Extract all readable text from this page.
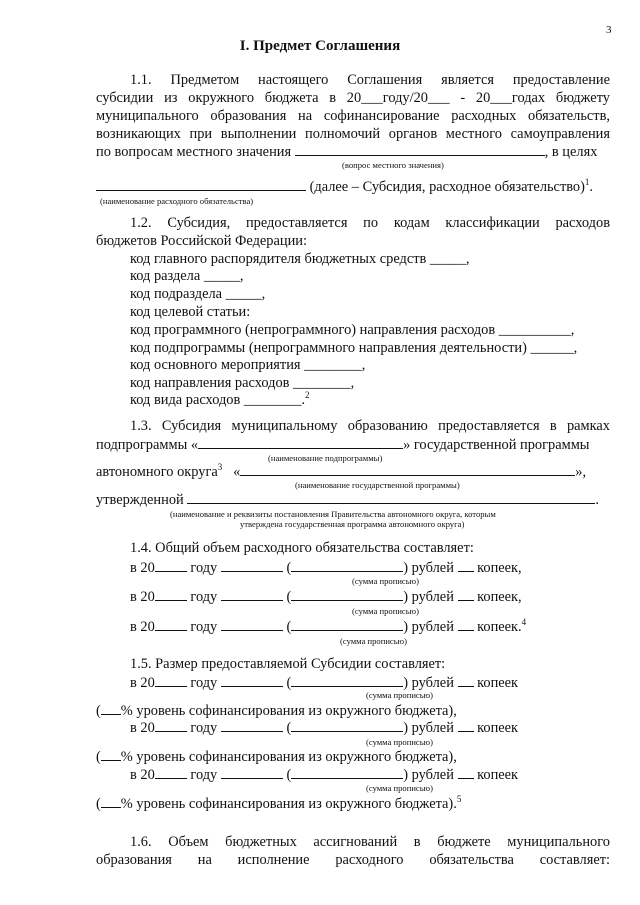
3
I. Предмет Соглашения
1.1. Предметом настоящего Соглашения является предоставление
субсидии из окружного бюджета в 20___году/20___ - 20___годах бюджету
муниципального образования на софинансирование расходных обязательств,
возникающих при выполнении полномочий органов местного самоуправления
по вопросам местного значения	, в целях
(вопрос местного значения)
(далее – Субсидия, расходное обязательство)$^1$.
(наименование расходного обязательства)
1.2. Субсидия, предоставляется по кодам классификации расходов
бюджетов Российской Федерации:
код главного распорядителя бюджетных средств _____,
код раздела _____,
код подраздела _____,
код целевой статьи:
код программного (непрограммного) направления расходов __________,
код подпрограммы (непрограммного направления деятельности) ______,
код основного мероприятия ________,
код направления расходов ________,
код вида расходов ________.$^2$
1.3. Субсидия муниципальному образованию предоставляется в рамках
подпрограммы «	» государственной программы
(наименование подпрограммы)
автономного округа$^3$ «	»,
(наименование государственной программы)
утвержденной	.
(наименование и реквизиты постановления Правительства автономного округа, которым
утверждена государственная программа автономного округа)
1.4. Общий объем расходного обязательства составляет:
в 20 году	(	) рублей копеек,
(сумма прописью)
в 20 году	(	) рублей копеек,
(сумма прописью)
в 20 году	(	) рублей копеек.$^4$
(сумма прописью)
1.5. Размер предоставляемой Субсидии составляет:
в 20 году	(	) рублей копеек
(сумма прописью)
( % уровень софинансирования из окружного бюджета),
в 20 году	(	) рублей копеек
(сумма прописью)
( % уровень софинансирования из окружного бюджета),
в 20 году	(	) рублей копеек
(сумма прописью)
( % уровень софинансирования из окружного бюджета).$^5$
1.6. Объем бюджетных ассигнований в бюджете муниципального
образования на исполнение расходного обязательства составляет:
